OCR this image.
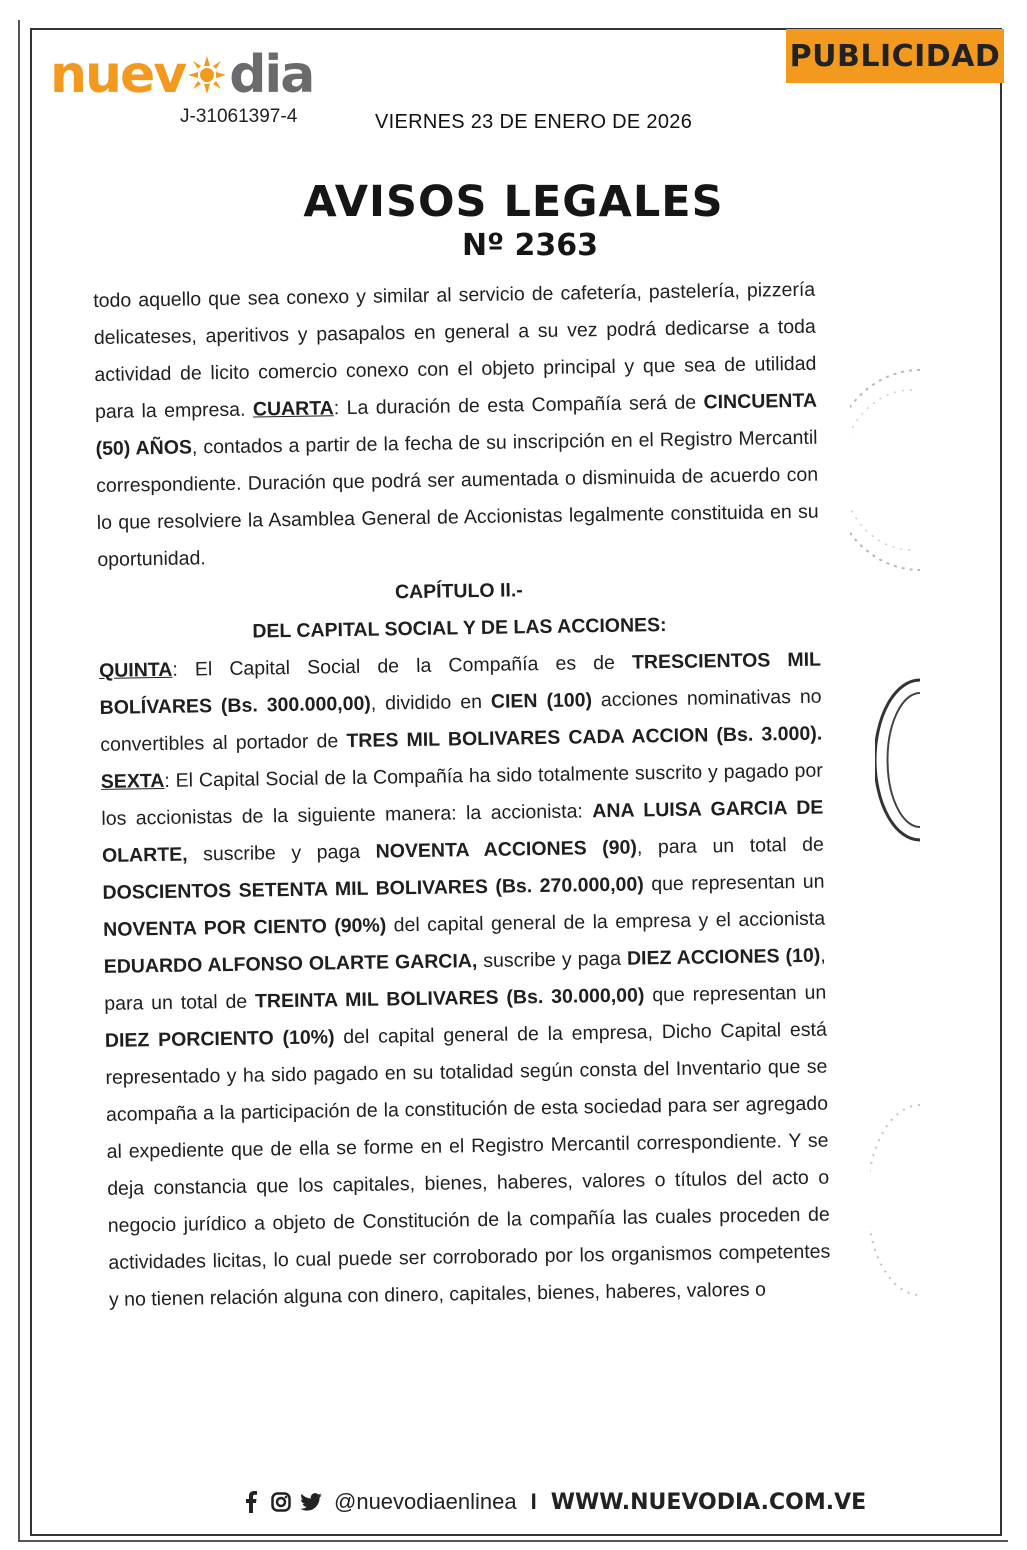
nuev dia
J-31061397-4	VIERNES 23 DE ENERO DE 2026
PUBLICIDAD
AVISOS LEGALES
Nº 2363

todo aquello que sea conexo y similar al servicio de cafetería, pastelería, pizzería delicateses, aperitivos y pasapalos en general a su vez podrá dedicarse a toda actividad de licito comercio conexo con el objeto principal y que sea de utilidad para la empresa. CUARTA: La duración de esta Compañía será de CINCUENTA (50) AÑOS, contados a partir de la fecha de su inscripción en el Registro Mercantil correspondiente. Duración que podrá ser aumentada o disminuida de acuerdo con lo que resolviere la Asamblea General de Accionistas legalmente constituida en su oportunidad.

CAPÍTULO II.-

DEL CAPITAL SOCIAL Y DE LAS ACCIONES:

QUINTA: El Capital Social de la Compañía es de TRESCIENTOS MIL BOLÍVARES (Bs. 300.000,00), dividido en CIEN (100) acciones nominativas no convertibles al portador de TRES MIL BOLIVARES CADA ACCION (Bs. 3.000). SEXTA: El Capital Social de la Compañía ha sido totalmente suscrito y pagado por los accionistas de la siguiente manera: la accionista: ANA LUISA GARCIA DE OLARTE, suscribe y paga NOVENTA ACCIONES (90), para un total de DOSCIENTOS SETENTA MIL BOLIVARES (Bs. 270.000,00) que representan un NOVENTA POR CIENTO (90%) del capital general de la empresa y el accionista EDUARDO ALFONSO OLARTE GARCIA, suscribe y paga DIEZ ACCIONES (10), para un total de TREINTA MIL BOLIVARES (Bs. 30.000,00) que representan un DIEZ PORCIENTO (10%) del capital general de la empresa, Dicho Capital está representado y ha sido pagado en su totalidad según consta del Inventario que se acompaña a la participación de la constitución de esta sociedad para ser agregado al expediente que de ella se forme en el Registro Mercantil correspondiente. Y se deja constancia que los capitales, bienes, haberes, valores o títulos del acto o negocio jurídico a objeto de Constitución de la compañía las cuales proceden de actividades licitas, lo cual puede ser corroborado por los organismos competentes y no tienen relación alguna con dinero, capitales, bienes, haberes, valores o

@nuevodiaenlinea I WWW.NUEVODIA.COM.VE
